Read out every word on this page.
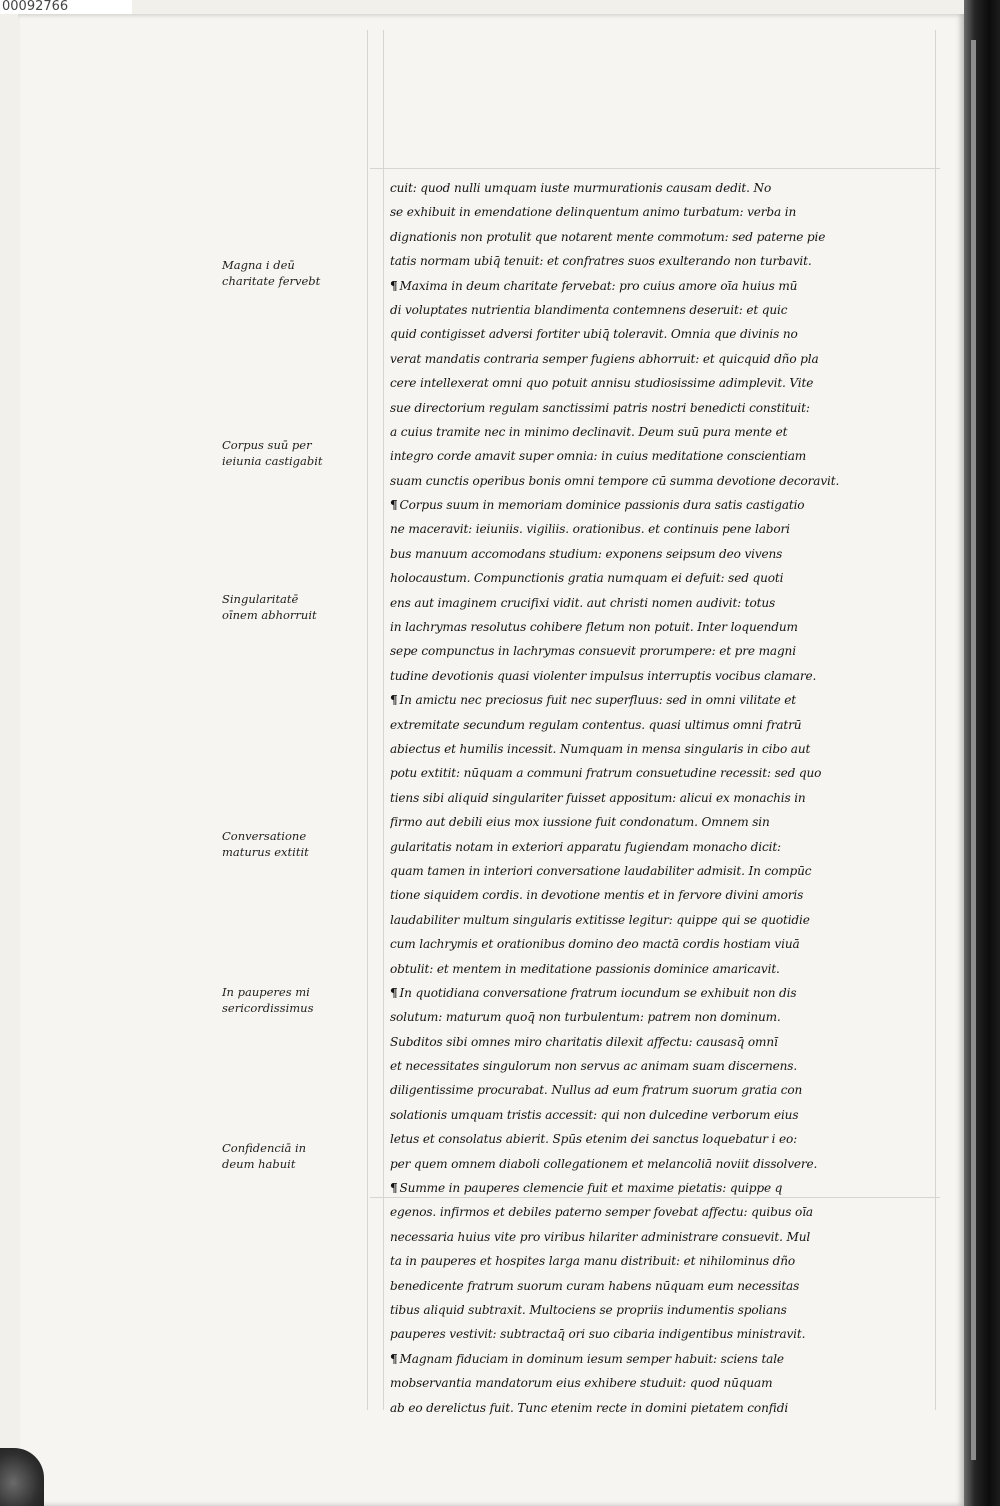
00092766
Magna i deū
charitate fervebt
Corpus suū per
ieiunia castigabit
Singularitatē
oīnem abhorruit
Conversatione
maturus extitit
In pauperes mi
sericordissimus
Confidenciā in
deum habuit
cuit: quod nulli umquam iuste murmurationis causam dedit. No
se exhibuit in emendatione delinquentum animo turbatum: verba in
dignationis non protulit que notarent mente commotum: sed paterne pie
tatis normam ubiq̄ tenuit: et confratres suos exulterando non turbavit.
¶ Maxima in deum charitate fervebat: pro cuius amore oīa huius mū
di voluptates nutrientia blandimenta contemnens deseruit: et quic
quid contigisset adversi fortiter ubiq̄ toleravit. Omnia que divinis no
verat mandatis contraria semper fugiens abhorruit: et quicquid dño pla
cere intellexerat omni quo potuit annisu studiosissime adimplevit. Vite
sue directorium regulam sanctissimi patris nostri benedicti constituit:
a cuius tramite nec in minimo declinavit. Deum suū pura mente et
integro corde amavit super omnia: in cuius meditatione conscientiam
suam cunctis operibus bonis omni tempore cū summa devotione decoravit.
¶ Corpus suum in memoriam dominice passionis dura satis castigatio
ne maceravit: ieiuniis. vigiliis. orationibus. et continuis pene labori
bus manuum accomodans studium: exponens seipsum deo vivens
holocaustum. Compunctionis gratia numquam ei defuit: sed quoti
ens aut imaginem crucifixi vidit. aut christi nomen audivit: totus
in lachrymas resolutus cohibere fletum non potuit. Inter loquendum
sepe compunctus in lachrymas consuevit prorumpere: et pre magni
tudine devotionis quasi violenter impulsus interruptis vocibus clamare.
¶ In amictu nec preciosus fuit nec superfluus: sed in omni vilitate et
extremitate secundum regulam contentus. quasi ultimus omni fratrū
abiectus et humilis incessit. Numquam in mensa singularis in cibo aut
potu extitit: nūquam a communi fratrum consuetudine recessit: sed quo
tiens sibi aliquid singulariter fuisset appositum: alicui ex monachis in
firmo aut debili eius mox iussione fuit condonatum. Omnem sin
gularitatis notam in exteriori apparatu fugiendam monacho dicit:
quam tamen in interiori conversatione laudabiliter admisit. In compūc
tione siquidem cordis. in devotione mentis et in fervore divini amoris
laudabiliter multum singularis extitisse legitur: quippe qui se quotidie
cum lachrymis et orationibus domino deo mactā cordis hostiam viuā
obtulit: et mentem in meditatione passionis dominice amaricavit.
¶ In quotidiana conversatione fratrum iocundum se exhibuit non dis
solutum: maturum quoq̄ non turbulentum: patrem non dominum.
Subditos sibi omnes miro charitatis dilexit affectu: causasq̄ omnī
et necessitates singulorum non servus ac animam suam discernens.
diligentissime procurabat. Nullus ad eum fratrum suorum gratia con
solationis umquam tristis accessit: qui non dulcedine verborum eius
letus et consolatus abierit. Spūs etenim dei sanctus loquebatur i eo:
per quem omnem diaboli collegationem et melancoliā noviit dissolvere.
¶ Summe in pauperes clemencie fuit et maxime pietatis: quippe q
egenos. infirmos et debiles paterno semper fovebat affectu: quibus oīa
necessaria huius vite pro viribus hilariter administrare consuevit. Mul
ta in pauperes et hospites larga manu distribuit: et nihilominus dño
benedicente fratrum suorum curam habens nūquam eum necessitas
tibus aliquid subtraxit. Multociens se propriis indumentis spolians
pauperes vestivit: subtractaq̄ ori suo cibaria indigentibus ministravit.
¶ Magnam fiduciam in dominum iesum semper habuit: sciens tale
mobservantia mandatorum eius exhibere studuit: quod nūquam
ab eo derelictus fuit. Tunc etenim recte in domini pietatem confidi
